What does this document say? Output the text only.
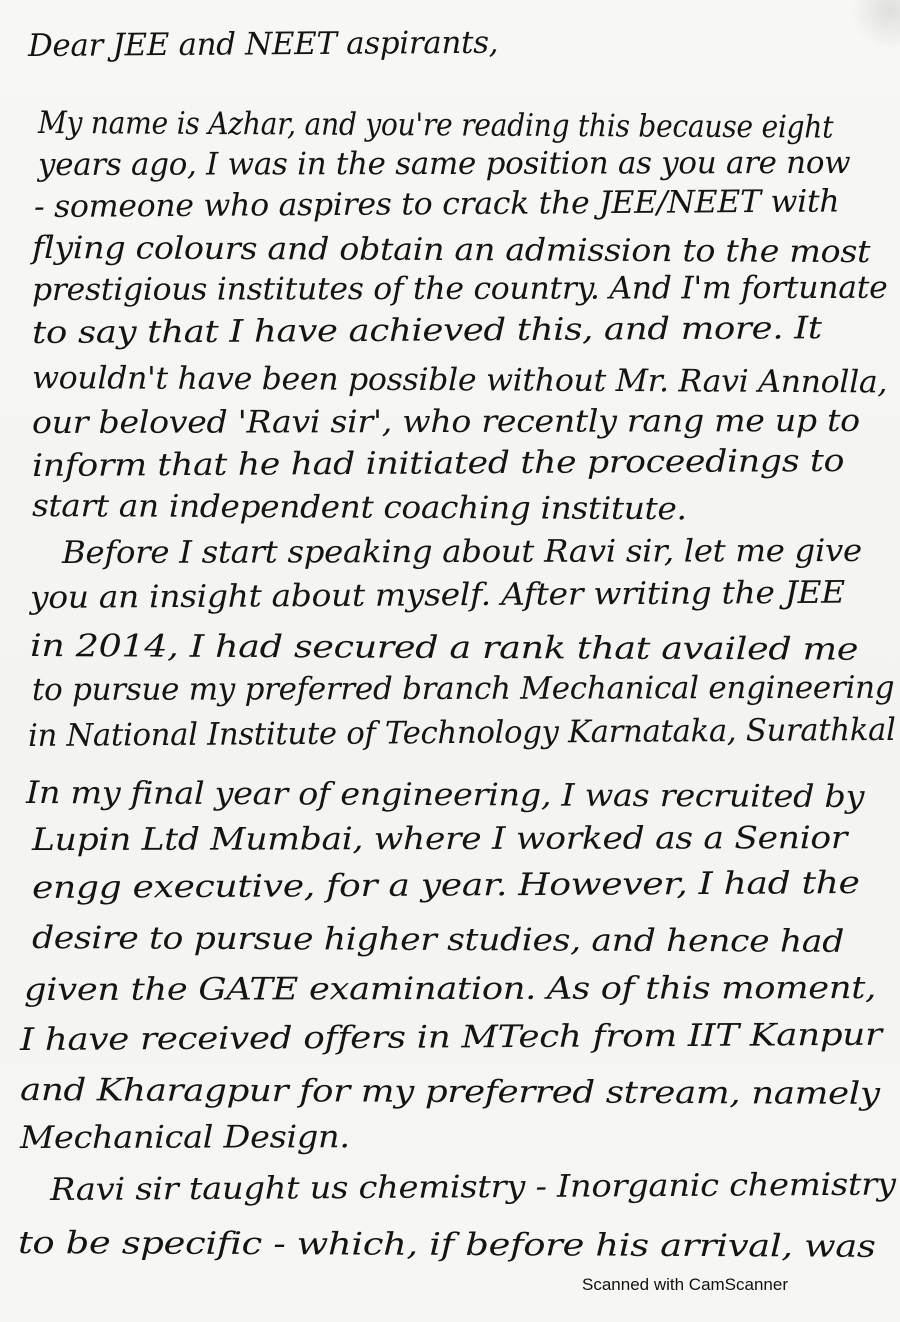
Dear JEE and NEET aspirants,
My name is Azhar, and you're reading this because eight
years ago, I was in the same position as you are now
- someone who aspires to crack the JEE/NEET with
flying colours and obtain an admission to the most
prestigious institutes of the country. And I'm fortunate
to say that I have achieved this, and more. It
wouldn't have been possible without Mr. Ravi Annolla,
our beloved 'Ravi sir', who recently rang me up to
inform that he had initiated the proceedings to
start an independent coaching institute.
Before I start speaking about Ravi sir, let me give
you an insight about myself. After writing the JEE
in 2014, I had secured a rank that availed me
to pursue my preferred branch Mechanical engineering
in National Institute of Technology Karnataka, Surathkal
In my final year of engineering, I was recruited by
Lupin Ltd Mumbai, where I worked as a Senior
engg executive, for a year. However, I had the
desire to pursue higher studies, and hence had
given the GATE examination. As of this moment,
I have received offers in MTech from IIT Kanpur
and Kharagpur for my preferred stream, namely
Mechanical Design.
Ravi sir taught us chemistry - Inorganic chemistry
to be specific - which, if before his arrival, was
Scanned with CamScanner
